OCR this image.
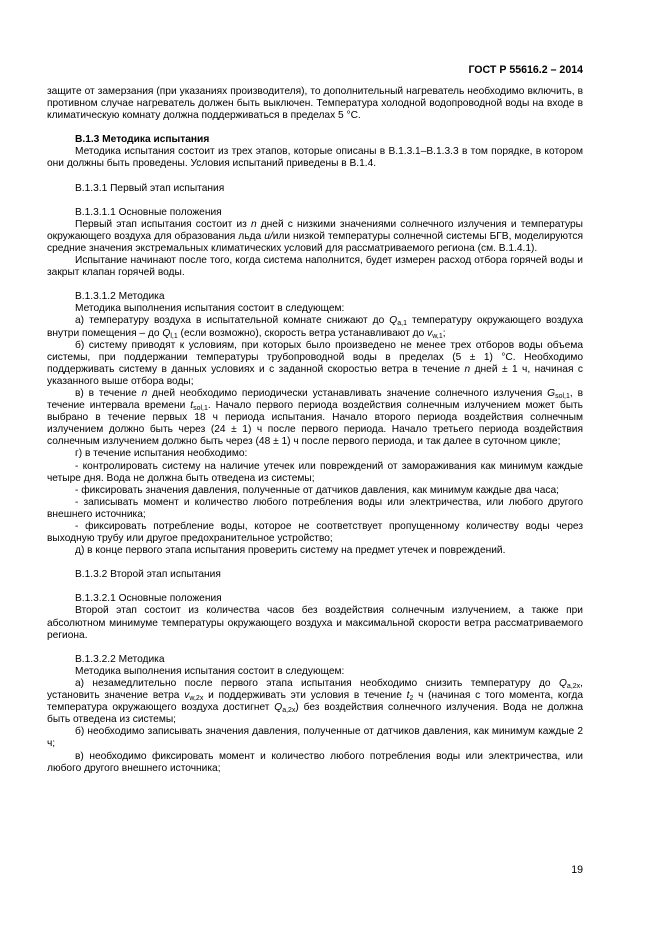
ГОСТ Р 55616.2 – 2014

защите от замерзания (при указаниях производителя), то дополнительный нагреватель необходимо включить, в противном случае нагреватель должен быть выключен. Температура холодной водопроводной воды на входе в климатическую комнату должна поддерживаться в пределах 5 °С.

В.1.3 Методика испытания

Методика испытания состоит из трех этапов, которые описаны в В.1.3.1–В.1.3.3 в том порядке, в котором они должны быть проведены. Условия испытаний приведены в В.1.4.

В.1.3.1 Первый этап испытания

В.1.3.1.1 Основные положения

Первый этап испытания состоит из n дней с низкими значениями солнечного излучения и температуры окружающего воздуха для образования льда и/или низкой температуры солнечной системы БГВ, моделируются средние значения экстремальных климатических условий для рассматриваемого региона (см. В.1.4.1).

Испытание начинают после того, когда система наполнится, будет измерен расход отбора горячей воды и закрыт клапан горячей воды.

В.1.3.1.2 Методика

Методика выполнения испытания состоит в следующем:

а) температуру воздуха в испытательной комнате снижают до $Q_{a,1}$ температуру окружающего воздуха внутри помещения – до $Q_{l,1}$ (если возможно), скорость ветра устанавливают до $v_{w,1}$;

б) систему приводят к условиям, при которых было произведено не менее трех отборов воды объема системы, при поддержании температуры трубопроводной воды в пределах (5 ± 1) °С. Необходимо поддерживать систему в данных условиях и с заданной скоростью ветра в течение n дней ± 1 ч, начиная с указанного выше отбора воды;

в) в течение n дней необходимо периодически устанавливать значение солнечного излучения $G_{sol,1}$, в течение интервала времени $t_{sol,1}$. Начало первого периода воздействия солнечным излучением может быть выбрано в течение первых 18 ч периода испытания. Начало второго периода воздействия солнечным излучением должно быть через (24 ± 1) ч после первого периода. Начало третьего периода воздействия солнечным излучением должно быть через (48 ± 1) ч после первого периода, и так далее в суточном цикле;

г) в течение испытания необходимо:

- контролировать систему на наличие утечек или повреждений от замораживания как минимум каждые четыре дня. Вода не должна быть отведена из системы;

- фиксировать значения давления, полученные от датчиков давления, как минимум каждые два часа;

- записывать момент и количество любого потребления воды или электричества, или любого другого внешнего источника;

- фиксировать потребление воды, которое не соответствует пропущенному количеству воды через выходную трубу или другое предохранительное устройство;

д) в конце первого этапа испытания проверить систему на предмет утечек и повреждений.

В.1.3.2 Второй этап испытания

В.1.3.2.1 Основные положения

Второй этап состоит из количества часов без воздействия солнечным излучением, а также при абсолютном минимуме температуры окружающего воздуха и максимальной скорости ветра рассматриваемого региона.

В.1.3.2.2 Методика

Методика выполнения испытания состоит в следующем:

а) незамедлительно после первого этапа испытания необходимо снизить температуру до $Q_{a,2x}$, установить значение ветра $v_{w,2x}$ и поддерживать эти условия в течение $t_2$ ч (начиная с того момента, когда температура окружающего воздуха достигнет $Q_{a,2x}$) без воздействия солнечного излучения. Вода не должна быть отведена из системы;

б) необходимо записывать значения давления, полученные от датчиков давления, как минимум каждые 2 ч;

в) необходимо фиксировать момент и количество любого потребления воды или электричества, или любого другого внешнего источника;

19
